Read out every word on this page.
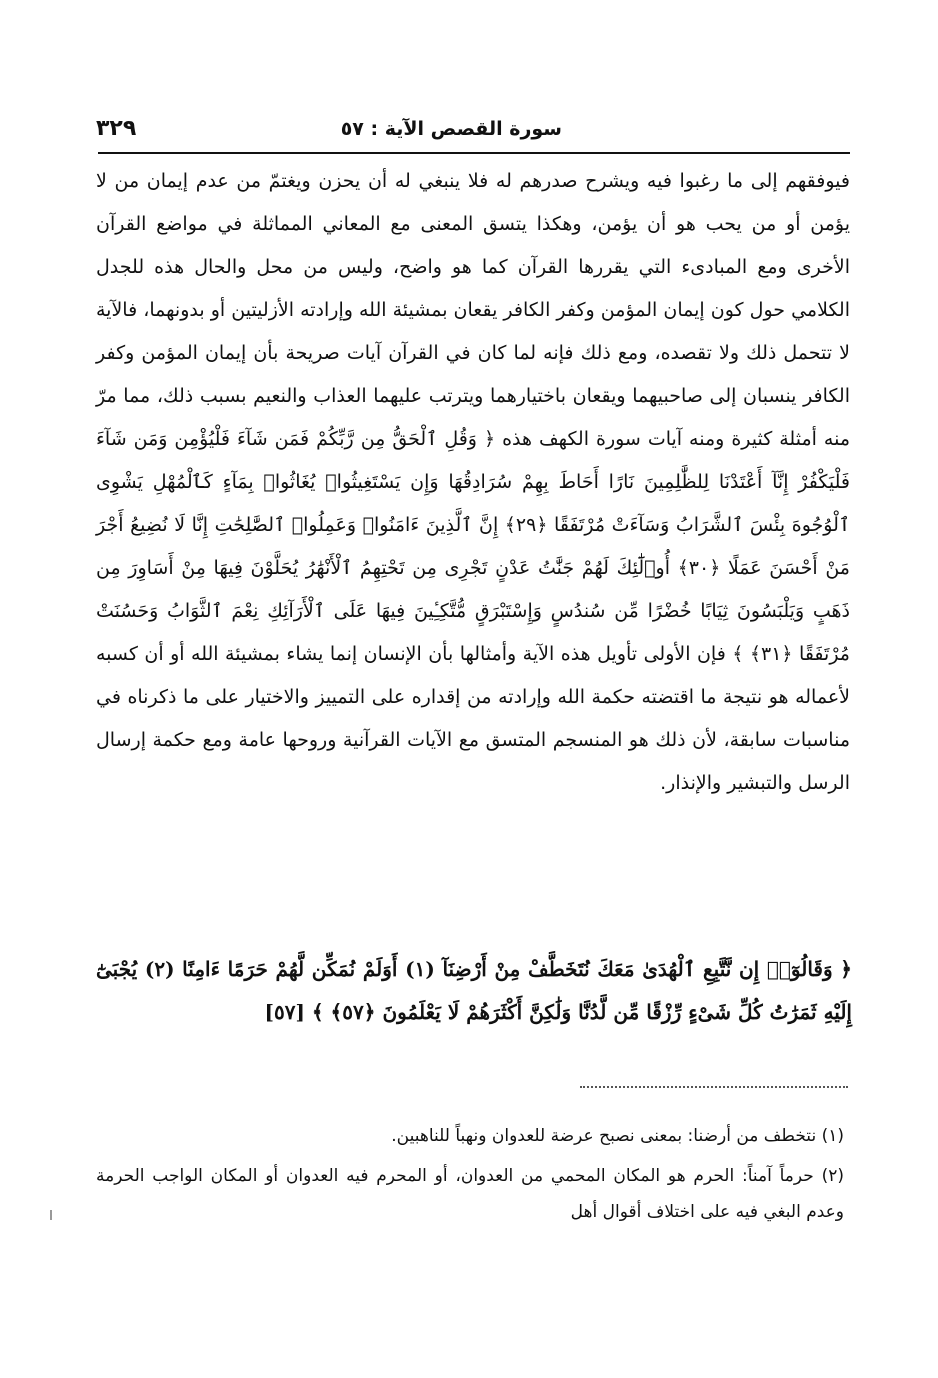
سورة القصص الآية : ٥٧
٣٢٩

فيوفقهم إلى ما رغبوا فيه ويشرح صدرهم له فلا ينبغي له أن يحزن ويغتمّ من عدم إيمان من لا يؤمن أو من يحب هو أن يؤمن، وهكذا يتسق المعنى مع المعاني المماثلة في مواضع القرآن الأخرى ومع المبادىء التي يقررها القرآن كما هو واضح، وليس من محل والحال هذه للجدل الكلامي حول كون إيمان المؤمن وكفر الكافر يقعان بمشيئة الله وإرادته الأزليتين أو بدونهما، فالآية لا تتحمل ذلك ولا تقصده، ومع ذلك فإنه لما كان في القرآن آيات صريحة بأن إيمان المؤمن وكفر الكافر ينسبان إلى صاحبيهما ويقعان باختيارهما ويترتب عليهما العذاب والنعيم بسبب ذلك، مما مرّ منه أمثلة كثيرة ومنه آيات سورة الكهف هذه ﴿ وَقُلِ ٱلْحَقُّ مِن رَّبِّكُمْ فَمَن شَآءَ فَلْيُؤْمِن وَمَن شَآءَ فَلْيَكْفُرْ إِنَّآ أَعْتَدْنَا لِلظَّٰلِمِينَ نَارًا أَحَاطَ بِهِمْ سُرَادِقُهَا وَإِن يَسْتَغِيثُوا۟ يُغَاثُوا۟ بِمَآءٍ كَٱلْمُهْلِ يَشْوِى ٱلْوُجُوهَ بِئْسَ ٱلشَّرَابُ وَسَآءَتْ مُرْتَفَقًا ﴿٢٩﴾ إِنَّ ٱلَّذِينَ ءَامَنُوا۟ وَعَمِلُوا۟ ٱلصَّٰلِحَٰتِ إِنَّا لَا نُضِيعُ أَجْرَ مَنْ أَحْسَنَ عَمَلًا ﴿٣٠﴾ أُو۟لَٰٓئِكَ لَهُمْ جَنَّٰتُ عَدْنٍ تَجْرِى مِن تَحْتِهِمُ ٱلْأَنْهَٰرُ يُحَلَّوْنَ فِيهَا مِنْ أَسَاوِرَ مِن ذَهَبٍ وَيَلْبَسُونَ ثِيَابًا خُضْرًا مِّن سُندُسٍ وَإِسْتَبْرَقٍ مُّتَّكِـِٔينَ فِيهَا عَلَى ٱلْأَرَآئِكِ نِعْمَ ٱلثَّوَابُ وَحَسُنَتْ مُرْتَفَقًا ﴿٣١﴾ ﴾ فإن الأولى تأويل هذه الآية وأمثالها بأن الإنسان إنما يشاء بمشيئة الله أو أن كسبه لأعماله هو نتيجة ما اقتضته حكمة الله وإرادته من إقداره على التمييز والاختيار على ما ذكرناه في مناسبات سابقة، لأن ذلك هو المنسجم المتسق مع الآيات القرآنية وروحها عامة ومع حكمة إرسال الرسل والتبشير والإنذار.

﴿ وَقَالُوٓا۟ إِن نَّتَّبِعِ ٱلْهُدَىٰ مَعَكَ نُتَخَطَّفْ مِنْ أَرْضِنَآ (١) أَوَلَمْ نُمَكِّن لَّهُمْ حَرَمًا ءَامِنًا (٢) يُجْبَىٰٓ إِلَيْهِ ثَمَرَٰتُ كُلِّ شَىْءٍ رِّزْقًا مِّن لَّدُنَّا وَلَٰكِنَّ أَكْثَرَهُمْ لَا يَعْلَمُونَ ﴿٥٧﴾ ﴾ [٥٧]

(١) نتخطف من أرضنا: بمعنى نصبح عرضة للعدوان ونهباً للناهبين.

(٢) حرماً آمناً: الحرم هو المكان المحمي من العدوان، أو المحرم فيه العدوان أو المكان الواجب الحرمة وعدم البغي فيه على اختلاف أقوال أهل
